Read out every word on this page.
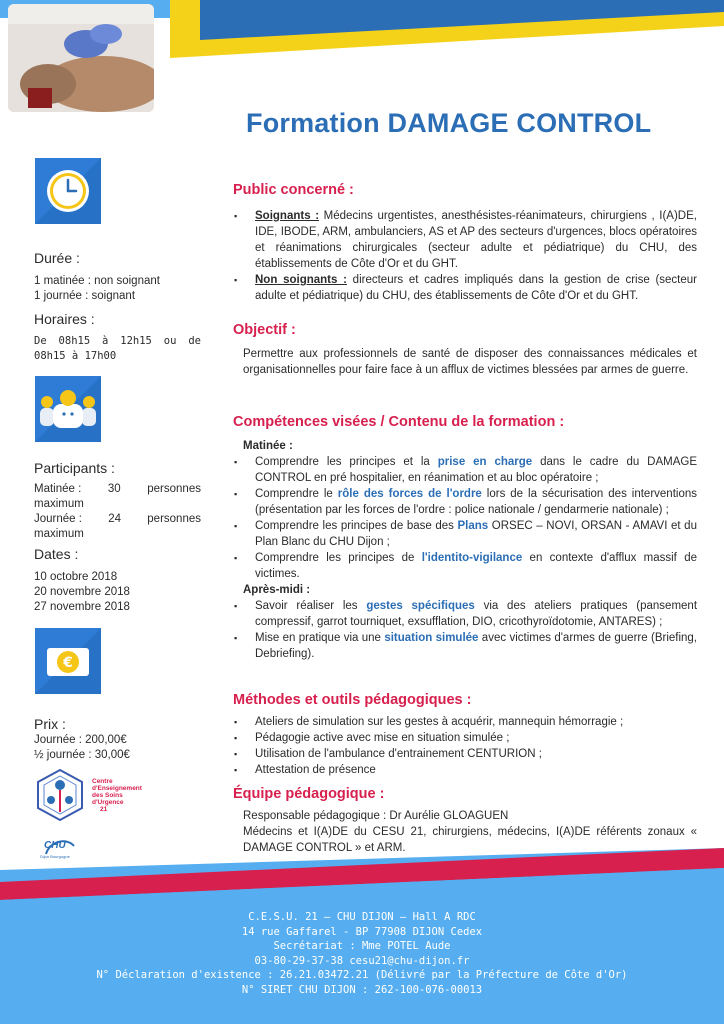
Formation DAMAGE CONTROL
Durée :
1 matinée : non soignant
1 journée : soignant
Horaires :
De 08h15 à 12h15 ou de
08h15 à 17h00
Participants :
Matinée : 30 personnes
maximum
Journée : 24 personnes
maximum
Dates :
10 octobre 2018
20 novembre 2018
27 novembre 2018
€
Prix :
Journée : 200,00€
½ journée : 30,00€
Centre
d'Enseignement
des Soins
d'Urgence
21
CHU
Dijon Bourgogne
Public concerné :
▪ Soignants : Médecins urgentistes, anesthésistes-réanimateurs, chirurgiens , I(A)DE, IDE, IBODE, ARM, ambulanciers, AS et AP des secteurs d'urgences, blocs opératoires et réanimations chirurgicales (secteur adulte et pédiatrique) du CHU, des établissements de Côte d'Or et du GHT.
▪ Non soignants : directeurs et cadres impliqués dans la gestion de crise (secteur adulte et pédiatrique) du CHU, des établissements de Côte d'Or et du GHT.
Objectif :
Permettre aux professionnels de santé de disposer des connaissances médicales et organisationnelles pour faire face à un afflux de victimes blessées par armes de guerre.
Compétences visées / Contenu de la formation :
Matinée :
▪ Comprendre les principes et la prise en charge dans le cadre du DAMAGE CONTROL en pré hospitalier, en réanimation et au bloc opératoire ;
▪ Comprendre le rôle des forces de l'ordre lors de la sécurisation des interventions (présentation par les forces de l'ordre : police nationale / gendarmerie nationale) ;
▪ Comprendre les principes de base des Plans ORSEC – NOVI, ORSAN - AMAVI et du Plan Blanc du CHU Dijon ;
▪ Comprendre les principes de l'identito-vigilance en contexte d'afflux massif de victimes.
Après-midi :
▪ Savoir réaliser les gestes spécifiques via des ateliers pratiques (pansement compressif, garrot tourniquet, exsufflation, DIO, cricothyroïdotomie, ANTARES) ;
▪ Mise en pratique via une situation simulée avec victimes d'armes de guerre (Briefing, Debriefing).
Méthodes et outils pédagogiques :
▪ Ateliers de simulation sur les gestes à acquérir, mannequin hémorragie ;
▪ Pédagogie active avec mise en situation simulée ;
▪ Utilisation de l'ambulance d'entrainement CENTURION ;
▪ Attestation de présence
Équipe pédagogique :
Responsable pédagogique : Dr Aurélie GLOAGUEN
Médecins et I(A)DE du CESU 21, chirurgiens, médecins, I(A)DE référents zonaux « DAMAGE CONTROL » et ARM.
C.E.S.U. 21 – CHU DIJON – Hall A RDC
14 rue Gaffarel - BP 77908 DIJON Cedex
Secrétariat : Mme POTEL Aude
03-80-29-37-38 cesu21@chu-dijon.fr
N° Déclaration d'existence : 26.21.03472.21 (Délivré par la Préfecture de Côte d'Or)
N° SIRET CHU DIJON : 262-100-076-00013
